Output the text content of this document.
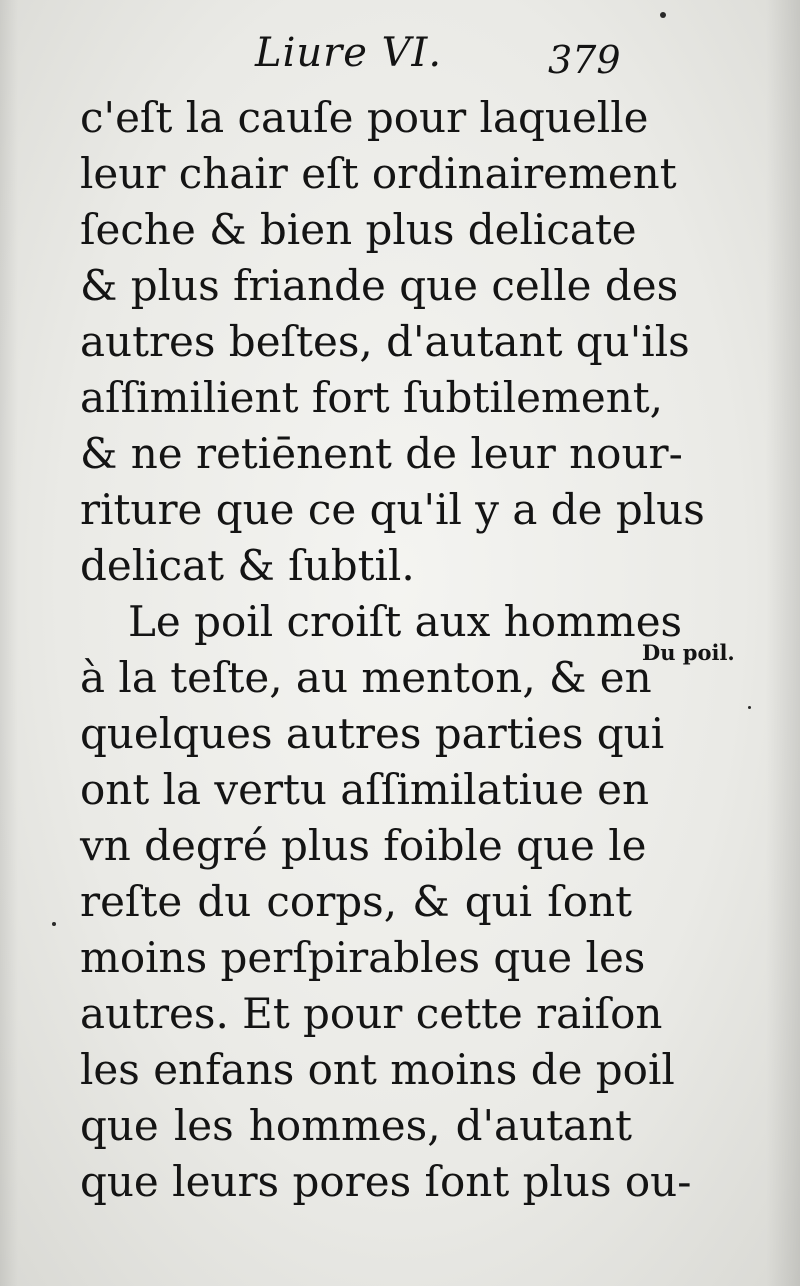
Liure VI.	379
c'eſt la cauſe pour laquelle
leur chair eſt ordinairement
ſeche & bien plus delicate
& plus friande que celle des
autres beſtes, d'autant qu'ils
aſſimilient fort ſubtilement,
& ne retiēnent de leur nour-
riture que ce qu'il y a de plus
delicat & ſubtil.
Le poil croiſt aux hommes
à la teſte, au menton, & en
quelques autres parties qui
ont la vertu aſſimilatiue en
vn degré plus foible que le
reſte du corps, & qui ſont
moins perſpirables que les
autres. Et pour cette raiſon
les enfans ont moins de poil
que les hommes, d'autant
que leurs pores ſont plus ou-
Du poil.
